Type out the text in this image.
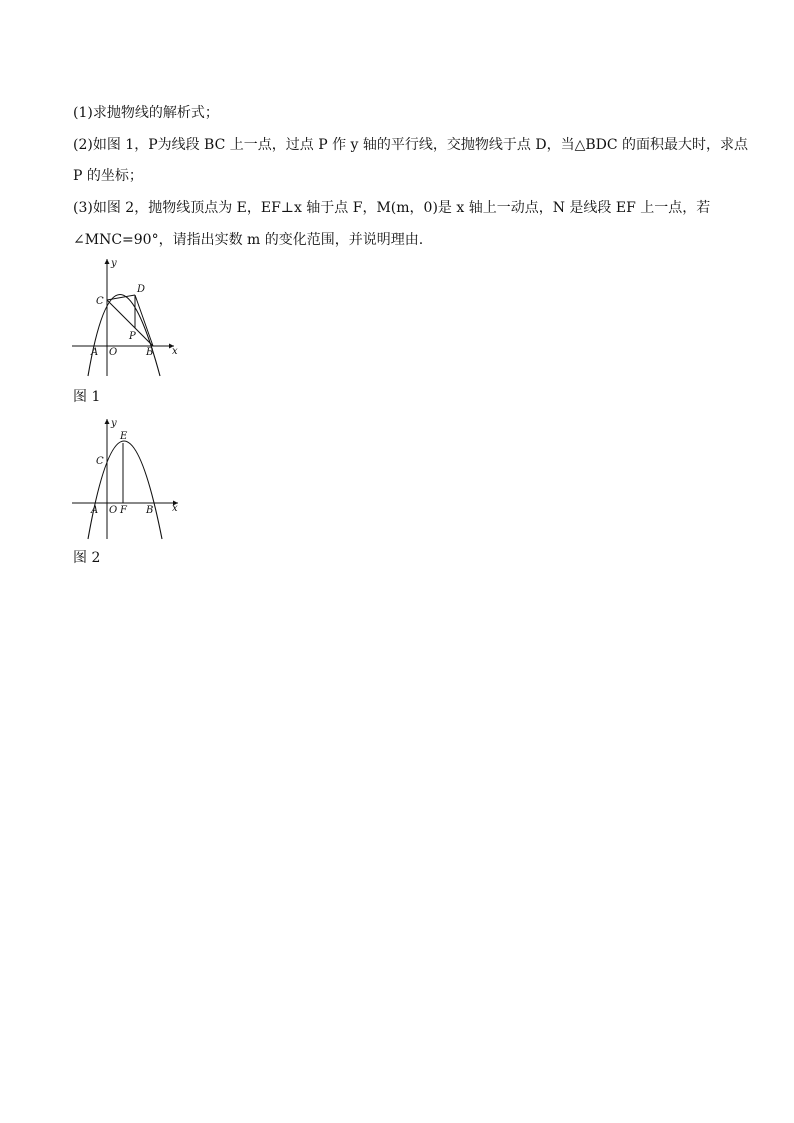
(1)求抛物线的解析式；
(2)如图 1，P为线段 BC 上一点，过点 P 作 y 轴的平行线，交抛物线于点 D，当△BDC 的面积最大时，求点
P 的坐标；
(3)如图 2，抛物线顶点为 E，EF⊥x 轴于点 F，M(m，0)是 x 轴上一动点，N 是线段 EF 上一点，若
∠MNC=90°，请指出实数 m 的变化范围，并说明理由.
y
x
C
D
P
A O	B
图 1
y
x
E
C
A O F B
图 2
